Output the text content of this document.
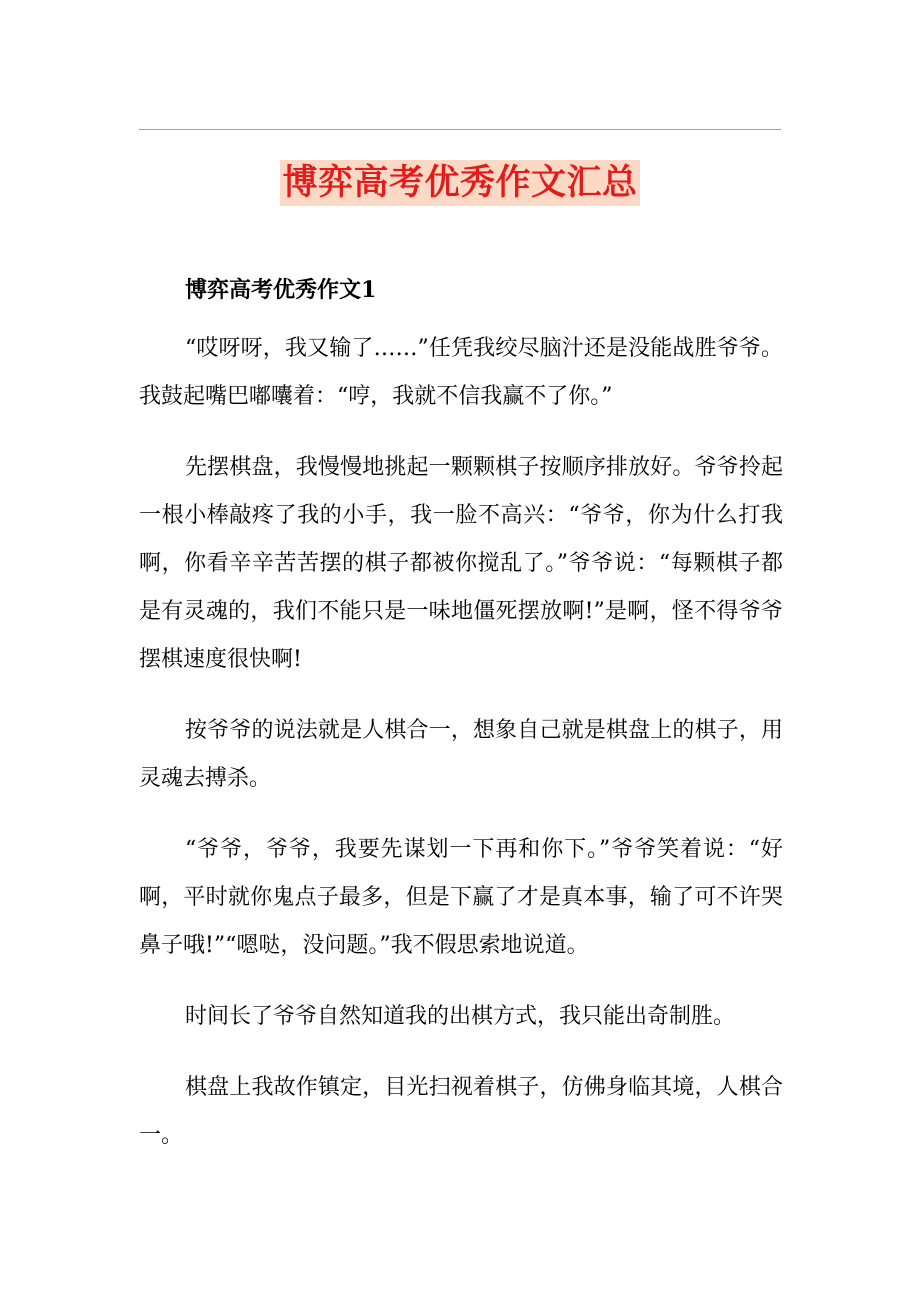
博弈高考优秀作文汇总
博弈高考优秀作文1

“哎呀呀，我又输了……”任凭我绞尽脑汁还是没能战胜爷爷。我鼓起嘴巴嘟囔着：“哼，我就不信我赢不了你。”

先摆棋盘，我慢慢地挑起一颗颗棋子按顺序排放好。爷爷拎起一根小棒敲疼了我的小手，我一脸不高兴：“爷爷，你为什么打我啊，你看辛辛苦苦摆的棋子都被你搅乱了。”爷爷说：“每颗棋子都是有灵魂的，我们不能只是一味地僵死摆放啊!”是啊，怪不得爷爷摆棋速度很快啊!

按爷爷的说法就是人棋合一，想象自己就是棋盘上的棋子，用灵魂去搏杀。

“爷爷，爷爷，我要先谋划一下再和你下。”爷爷笑着说：“好啊，平时就你鬼点子最多，但是下赢了才是真本事，输了可不许哭鼻子哦!”“嗯哒，没问题。”我不假思索地说道。

时间长了爷爷自然知道我的出棋方式，我只能出奇制胜。

棋盘上我故作镇定，目光扫视着棋子，仿佛身临其境，人棋合一。
